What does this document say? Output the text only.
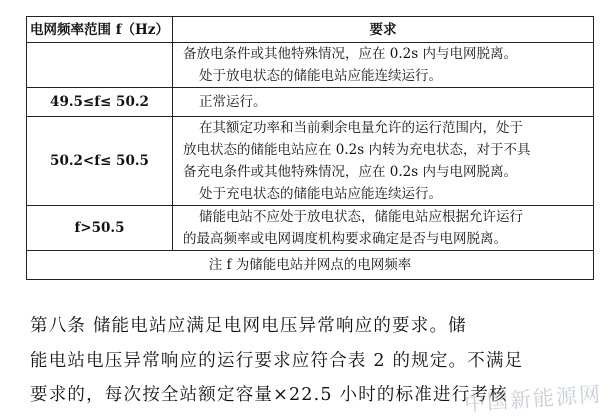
电网频率范围 f（Hz）	要求

	备放电条件或其他特殊情况，应在 0.2s 内与电网脱离。
处于放电状态的储能电站应能连续运行。

49.5≤f≤ 50.2	正常运行。
50.2<f≤ 50.5	在其额定功率和当前剩余电量允许的运行范围内，处于
放电状态的储能电站应在 0.2s 内转为充电状态，对于不具
备充电条件或其他特殊情况，应在 0.2s 内与电网脱离。
处于充电状态的储能电站应能连续运行。

f>50.5	储能电站不应处于放电状态，储能电站应根据允许运行
的最高频率或电网调度机构要求确定是否与电网脱离。

注 f 为储能电站并网点的电网频率	
第八条 储能电站应满足电网电压异常响应的要求。储
能电站电压异常响应的运行要求应符合表 2 的规定。不满足
要求的，每次按全站额定容量×22.5 小时的标准进行考核
中国新能源网
